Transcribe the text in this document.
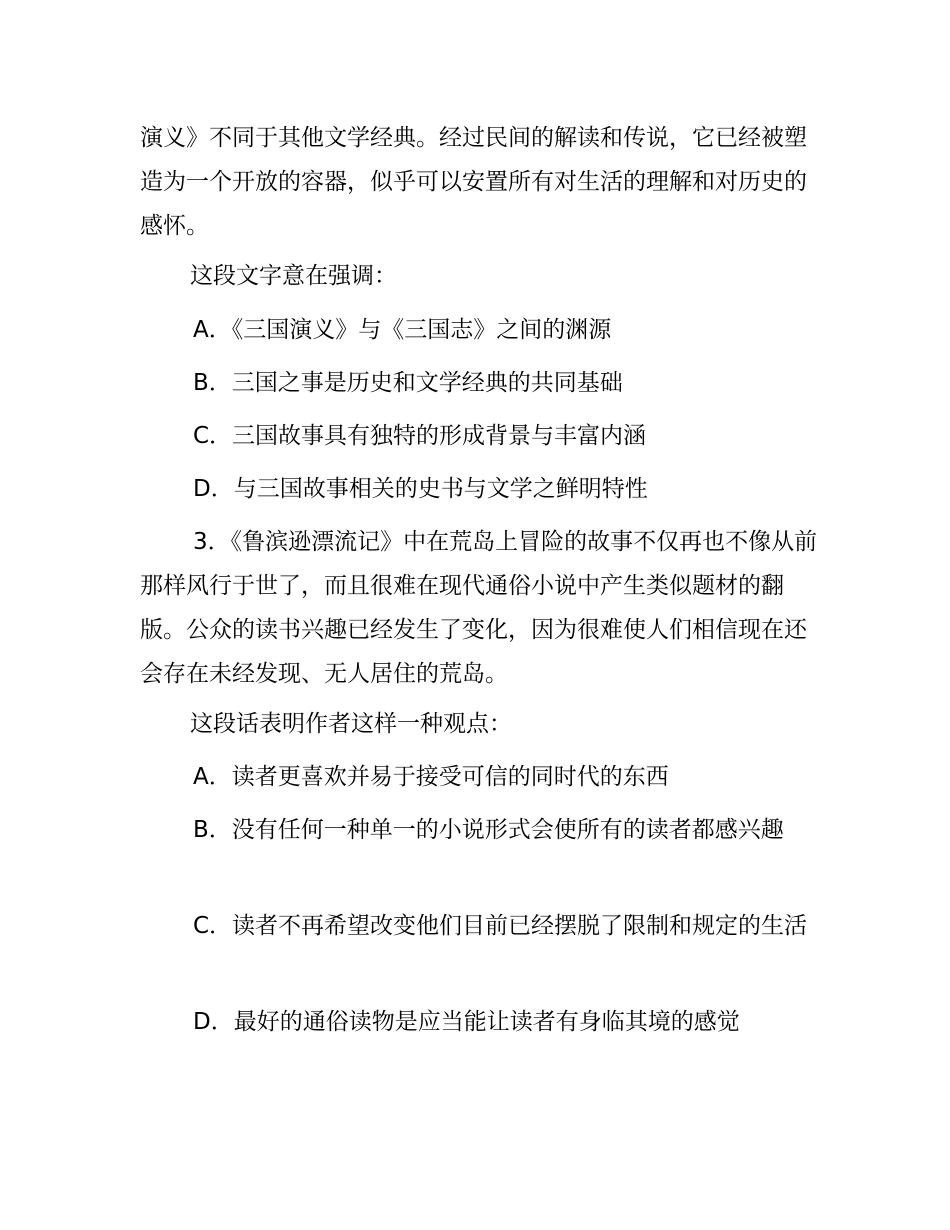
演义》不同于其他文学经典。经过民间的解读和传说，它已经被塑造为一个开放的容器，似乎可以安置所有对生活的理解和对历史的感怀。

这段文字意在强调：

A．《三国演义》与《三国志》之间的渊源

B．三国之事是历史和文学经典的共同基础

C．三国故事具有独特的形成背景与丰富内涵

D．与三国故事相关的史书与文学之鲜明特性

3．《鲁滨逊漂流记》中在荒岛上冒险的故事不仅再也不像从前那样风行于世了，而且很难在现代通俗小说中产生类似题材的翻版。公众的读书兴趣已经发生了变化，因为很难使人们相信现在还会存在未经发现、无人居住的荒岛。

这段话表明作者这样一种观点：

A．读者更喜欢并易于接受可信的同时代的东西

B．没有任何一种单一的小说形式会使所有的读者都感兴趣

C．读者不再希望改变他们目前已经摆脱了限制和规定的生活

D．最好的通俗读物是应当能让读者有身临其境的感觉
